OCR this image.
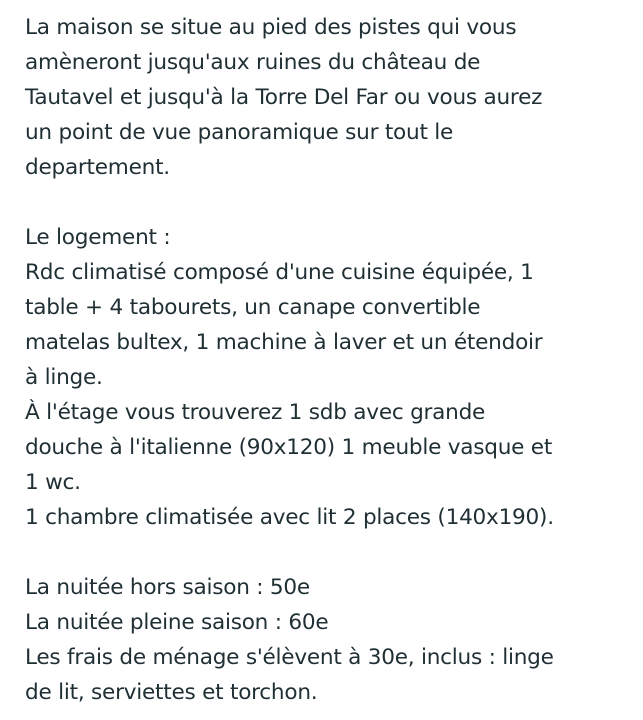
La maison se situe au pied des pistes qui vous
amèneront jusqu'aux ruines du château de
Tautavel et jusqu'à la Torre Del Far ou vous aurez
un point de vue panoramique sur tout le
departement.
Le logement :
Rdc climatisé composé d'une cuisine équipée, 1
table + 4 tabourets, un canape convertible
matelas bultex, 1 machine à laver et un étendoir
à linge.
À l'étage vous trouverez 1 sdb avec grande
douche à l'italienne (90x120) 1 meuble vasque et
1 wc.
1 chambre climatisée avec lit 2 places (140x190).
La nuitée hors saison : 50e
La nuitée pleine saison : 60e
Les frais de ménage s'élèvent à 30e, inclus : linge
de lit, serviettes et torchon.
